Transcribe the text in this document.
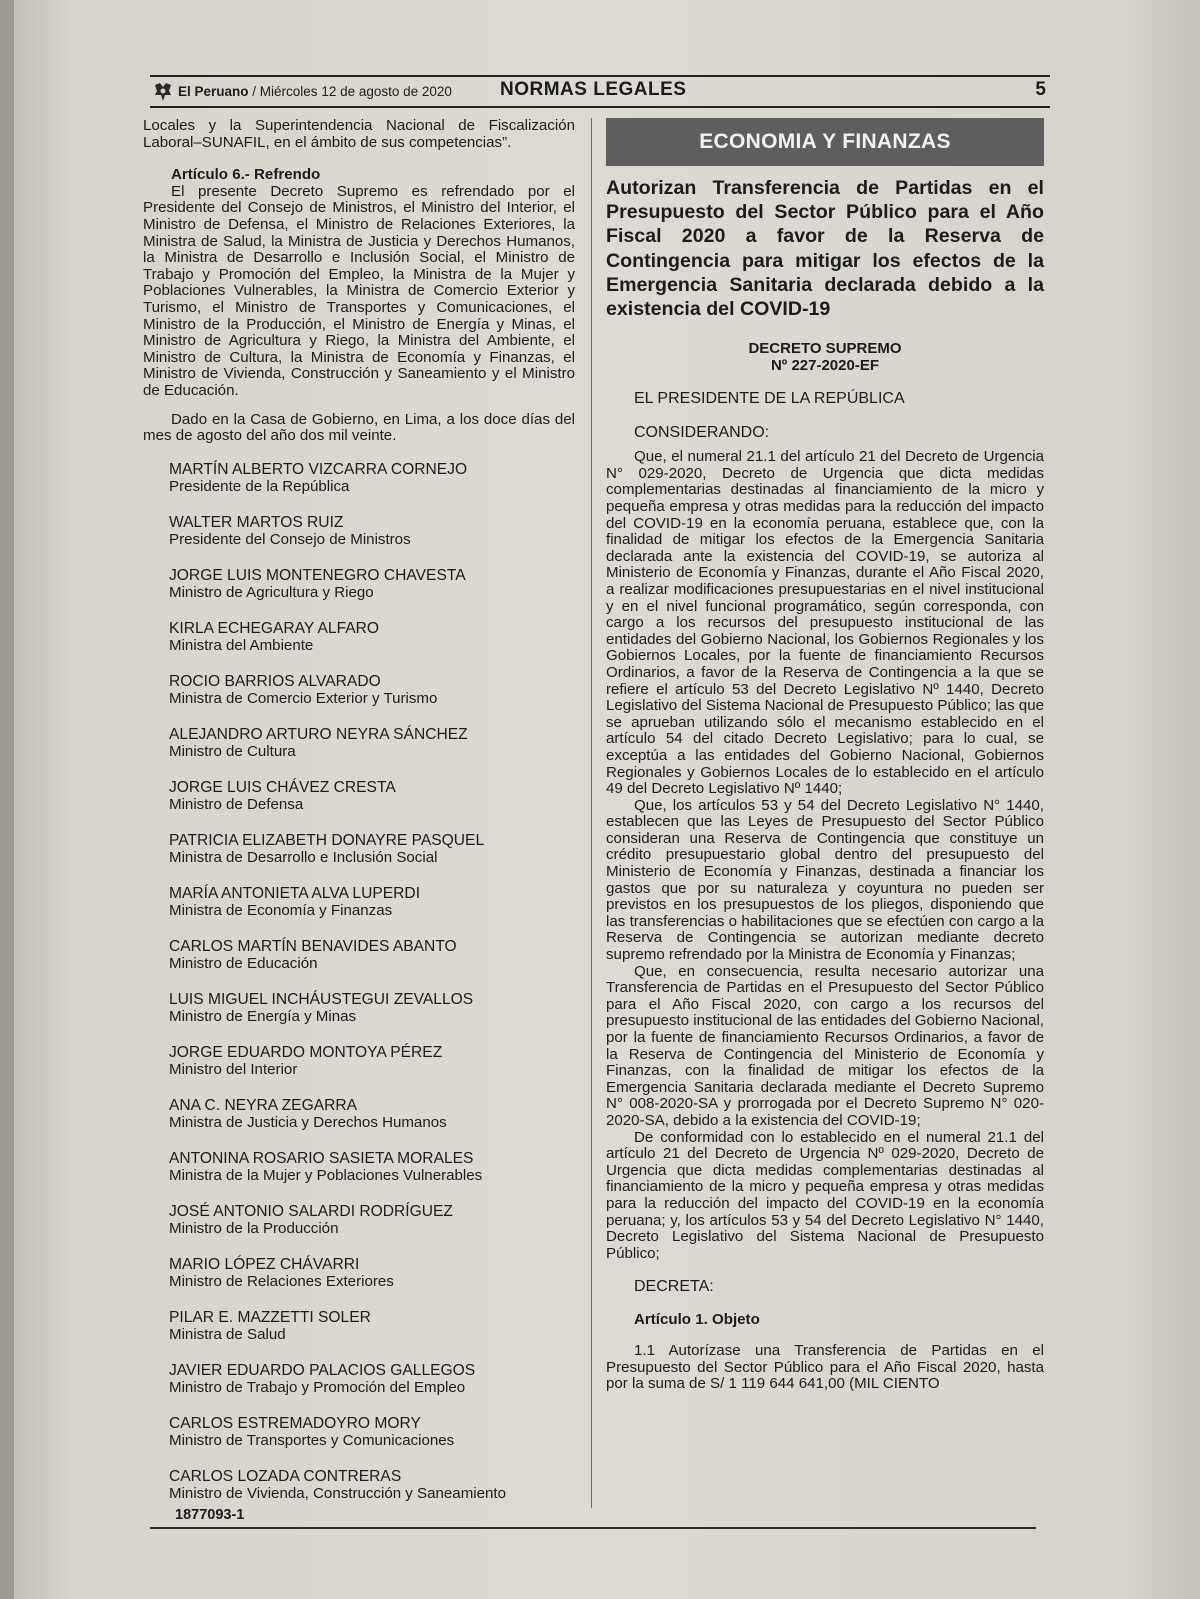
El Peruano / Miércoles 12 de agosto de 2020	NORMAS LEGALES	5

Locales y la Superintendencia Nacional de Fiscalización Laboral–SUNAFIL, en el ámbito de sus competencias”.

Artículo 6.- Refrendo

El presente Decreto Supremo es refrendado por el Presidente del Consejo de Ministros, el Ministro del Interior, el Ministro de Defensa, el Ministro de Relaciones Exteriores, la Ministra de Salud, la Ministra de Justicia y Derechos Humanos, la Ministra de Desarrollo e Inclusión Social, el Ministro de Trabajo y Promoción del Empleo, la Ministra de la Mujer y Poblaciones Vulnerables, la Ministra de Comercio Exterior y Turismo, el Ministro de Transportes y Comunicaciones, el Ministro de la Producción, el Ministro de Energía y Minas, el Ministro de Agricultura y Riego, la Ministra del Ambiente, el Ministro de Cultura, la Ministra de Economía y Finanzas, el Ministro de Vivienda, Construcción y Saneamiento y el Ministro de Educación.

Dado en la Casa de Gobierno, en Lima, a los doce días del mes de agosto del año dos mil veinte.

MARTÍN ALBERTO VIZCARRA CORNEJO
Presidente de la República
WALTER MARTOS RUIZ
Presidente del Consejo de Ministros
JORGE LUIS MONTENEGRO CHAVESTA
Ministro de Agricultura y Riego
KIRLA ECHEGARAY ALFARO
Ministra del Ambiente
ROCIO BARRIOS ALVARADO
Ministra de Comercio Exterior y Turismo
ALEJANDRO ARTURO NEYRA SÁNCHEZ
Ministro de Cultura
JORGE LUIS CHÁVEZ CRESTA
Ministro de Defensa
PATRICIA ELIZABETH DONAYRE PASQUEL
Ministra de Desarrollo e Inclusión Social
MARÍA ANTONIETA ALVA LUPERDI
Ministra de Economía y Finanzas
CARLOS MARTÍN BENAVIDES ABANTO
Ministro de Educación
LUIS MIGUEL INCHÁUSTEGUI ZEVALLOS
Ministro de Energía y Minas
JORGE EDUARDO MONTOYA PÉREZ
Ministro del Interior
ANA C. NEYRA ZEGARRA
Ministra de Justicia y Derechos Humanos
ANTONINA ROSARIO SASIETA MORALES
Ministra de la Mujer y Poblaciones Vulnerables
JOSÉ ANTONIO SALARDI RODRÍGUEZ
Ministro de la Producción
MARIO LÓPEZ CHÁVARRI
Ministro de Relaciones Exteriores
PILAR E. MAZZETTI SOLER
Ministra de Salud
JAVIER EDUARDO PALACIOS GALLEGOS
Ministro de Trabajo y Promoción del Empleo
CARLOS ESTREMADOYRO MORY
Ministro de Transportes y Comunicaciones
CARLOS LOZADA CONTRERAS
Ministro de Vivienda, Construcción y Saneamiento
1877093-1
ECONOMIA Y FINANZAS

Autorizan Transferencia de Partidas en el Presupuesto del Sector Público para el Año Fiscal 2020 a favor de la Reserva de Contingencia para mitigar los efectos de la Emergencia Sanitaria declarada debido a la existencia del COVID-19

DECRETO SUPREMO
Nº 227-2020-EF

EL PRESIDENTE DE LA REPÚBLICA

CONSIDERANDO:

Que, el numeral 21.1 del artículo 21 del Decreto de Urgencia N° 029-2020, Decreto de Urgencia que dicta medidas complementarias destinadas al financiamiento de la micro y pequeña empresa y otras medidas para la reducción del impacto del COVID-19 en la economía peruana, establece que, con la finalidad de mitigar los efectos de la Emergencia Sanitaria declarada ante la existencia del COVID-19, se autoriza al Ministerio de Economía y Finanzas, durante el Año Fiscal 2020, a realizar modificaciones presupuestarias en el nivel institucional y en el nivel funcional programático, según corresponda, con cargo a los recursos del presupuesto institucional de las entidades del Gobierno Nacional, los Gobiernos Regionales y los Gobiernos Locales, por la fuente de financiamiento Recursos Ordinarios, a favor de la Reserva de Contingencia a la que se refiere el artículo 53 del Decreto Legislativo Nº 1440, Decreto Legislativo del Sistema Nacional de Presupuesto Público; las que se aprueban utilizando sólo el mecanismo establecido en el artículo 54 del citado Decreto Legislativo; para lo cual, se exceptúa a las entidades del Gobierno Nacional, Gobiernos Regionales y Gobiernos Locales de lo establecido en el artículo 49 del Decreto Legislativo Nº 1440;

Que, los artículos 53 y 54 del Decreto Legislativo N° 1440, establecen que las Leyes de Presupuesto del Sector Público consideran una Reserva de Contingencia que constituye un crédito presupuestario global dentro del presupuesto del Ministerio de Economía y Finanzas, destinada a financiar los gastos que por su naturaleza y coyuntura no pueden ser previstos en los presupuestos de los pliegos, disponiendo que las transferencias o habilitaciones que se efectúen con cargo a la Reserva de Contingencia se autorizan mediante decreto supremo refrendado por la Ministra de Economía y Finanzas;

Que, en consecuencia, resulta necesario autorizar una Transferencia de Partidas en el Presupuesto del Sector Público para el Año Fiscal 2020, con cargo a los recursos del presupuesto institucional de las entidades del Gobierno Nacional, por la fuente de financiamiento Recursos Ordinarios, a favor de la Reserva de Contingencia del Ministerio de Economía y Finanzas, con la finalidad de mitigar los efectos de la Emergencia Sanitaria declarada mediante el Decreto Supremo N° 008-2020-SA y prorrogada por el Decreto Supremo N° 020-2020-SA, debido a la existencia del COVID-19;

De conformidad con lo establecido en el numeral 21.1 del artículo 21 del Decreto de Urgencia Nº 029-2020, Decreto de Urgencia que dicta medidas complementarias destinadas al financiamiento de la micro y pequeña empresa y otras medidas para la reducción del impacto del COVID-19 en la economía peruana; y, los artículos 53 y 54 del Decreto Legislativo N° 1440, Decreto Legislativo del Sistema Nacional de Presupuesto Público;

DECRETA:

Artículo 1. Objeto

1.1 Autorízase una Transferencia de Partidas en el Presupuesto del Sector Público para el Año Fiscal 2020, hasta por la suma de S/ 1 119 644 641,00 (MIL CIENTO
